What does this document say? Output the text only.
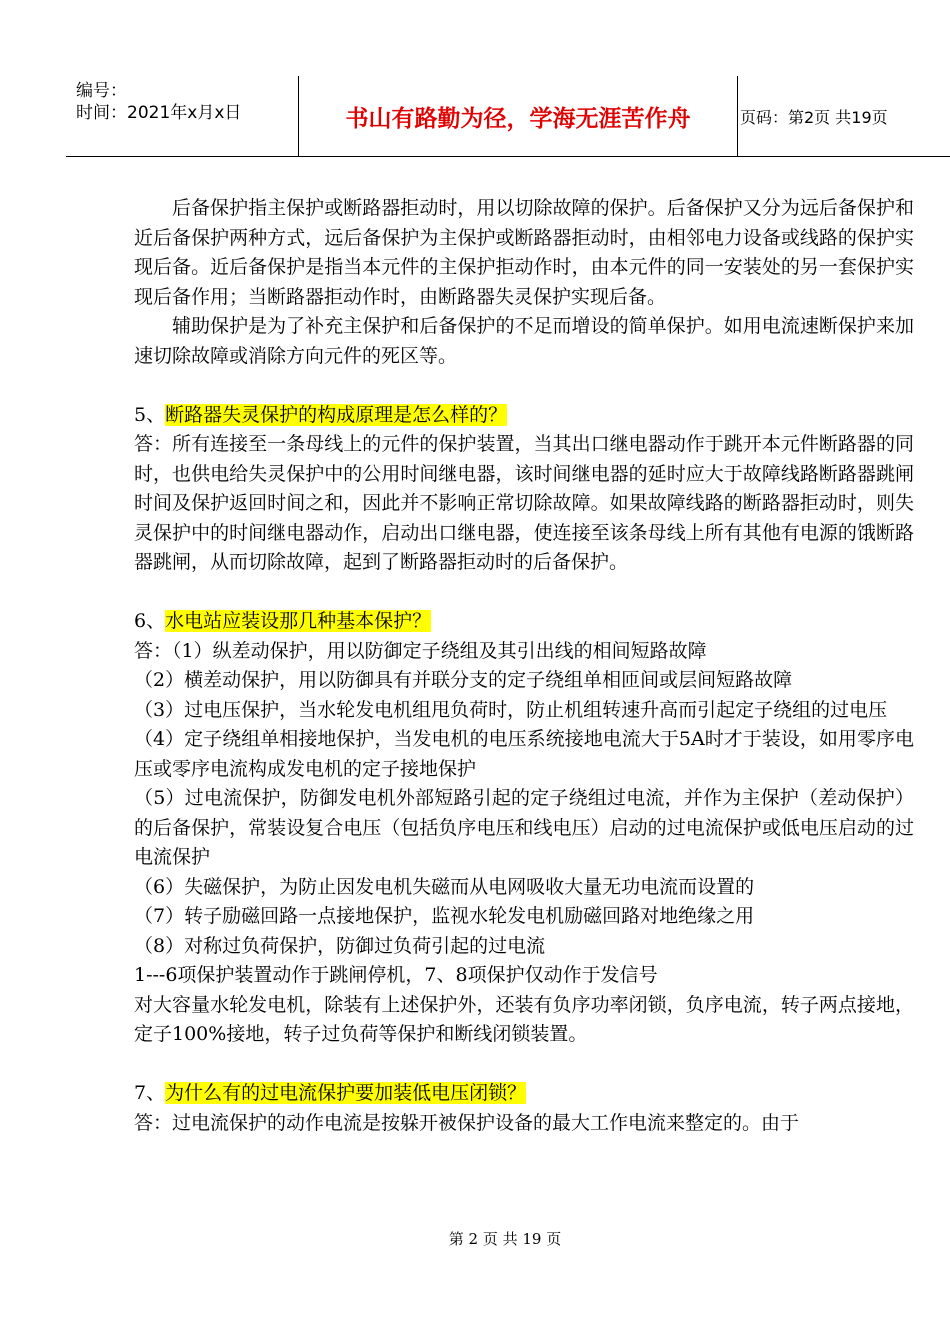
编号：
时间：2021年x月x日	书山有路勤为径，学海无涯苦作舟	页码：第2页 共19页

后备保护指主保护或断路器拒动时，用以切除故障的保护。后备保护又分为远后备保护和近后备保护两种方式，远后备保护为主保护或断路器拒动时，由相邻电力设备或线路的保护实现后备。近后备保护是指当本元件的主保护拒动作时，由本元件的同一安装处的另一套保护实现后备作用；当断路器拒动作时，由断路器失灵保护实现后备。

辅助保护是为了补充主保护和后备保护的不足而增设的简单保护。如用电流速断保护来加速切除故障或消除方向元件的死区等。

5、断路器失灵保护的构成原理是怎么样的？

答：所有连接至一条母线上的元件的保护装置，当其出口继电器动作于跳开本元件断路器的同时，也供电给失灵保护中的公用时间继电器，该时间继电器的延时应大于故障线路断路器跳闸时间及保护返回时间之和，因此并不影响正常切除故障。如果故障线路的断路器拒动时，则失灵保护中的时间继电器动作，启动出口继电器，使连接至该条母线上所有其他有电源的饿断路器跳闸，从而切除故障，起到了断路器拒动时的后备保护。

6、水电站应装设那几种基本保护？

答：（1）纵差动保护，用以防御定子绕组及其引出线的相间短路故障

（2）横差动保护，用以防御具有并联分支的定子绕组单相匝间或层间短路故障

（3）过电压保护，当水轮发电机组甩负荷时，防止机组转速升高而引起定子绕组的过电压

（4）定子绕组单相接地保护，当发电机的电压系统接地电流大于5A时才于装设，如用零序电压或零序电流构成发电机的定子接地保护

（5）过电流保护，防御发电机外部短路引起的定子绕组过电流，并作为主保护（差动保护）的后备保护，常装设复合电压（包括负序电压和线电压）启动的过电流保护或低电压启动的过电流保护

（6）失磁保护，为防止因发电机失磁而从电网吸收大量无功电流而设置的

（7）转子励磁回路一点接地保护，监视水轮发电机励磁回路对地绝缘之用

（8）对称过负荷保护，防御过负荷引起的过电流

1---6项保护装置动作于跳闸停机，7、8项保护仅动作于发信号

对大容量水轮发电机，除装有上述保护外，还装有负序功率闭锁，负序电流，转子两点接地，定子100%接地，转子过负荷等保护和断线闭锁装置。

7、为什么有的过电流保护要加装低电压闭锁？

答：过电流保护的动作电流是按躲开被保护设备的最大工作电流来整定的。由于

第 2 页 共 19 页
